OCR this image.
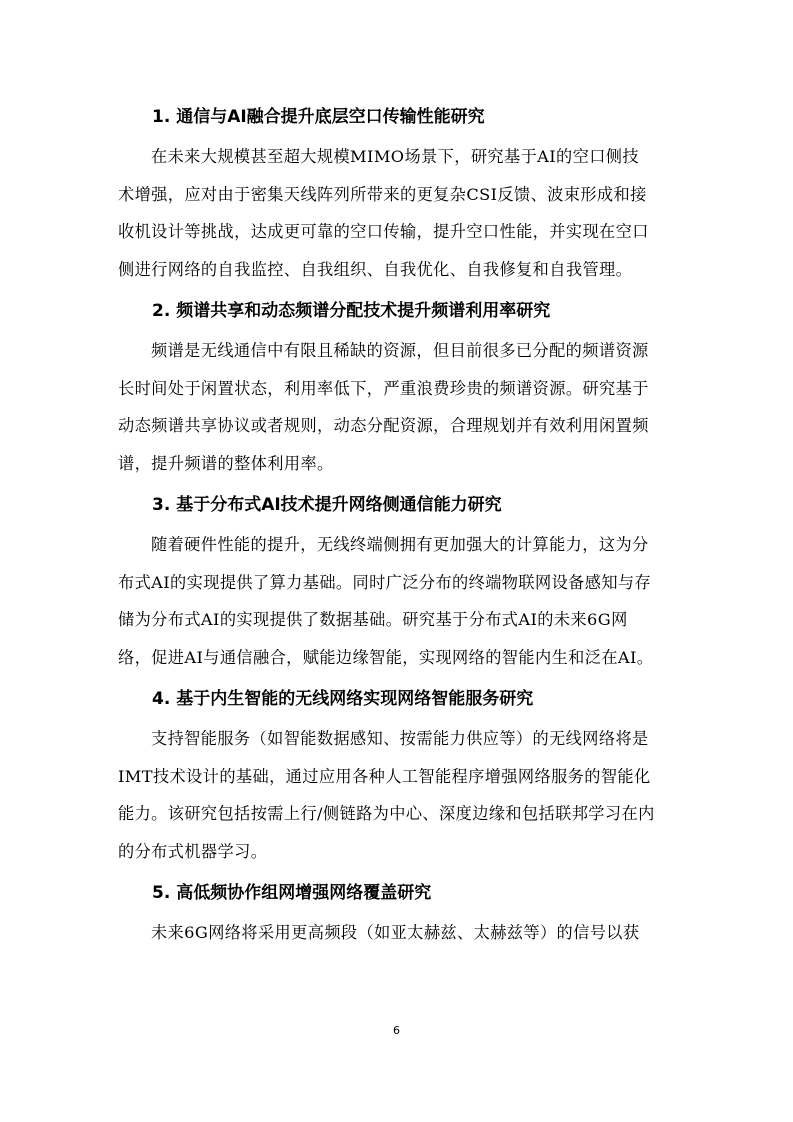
1. 通信与AI融合提升底层空口传输性能研究

在未来大规模甚至超大规模MIMO场景下，研究基于AI的空口侧技
术增强，应对由于密集天线阵列所带来的更复杂CSI反馈、波束形成和接
收机设计等挑战，达成更可靠的空口传输，提升空口性能，并实现在空口
侧进行网络的自我监控、自我组织、自我优化、自我修复和自我管理。

2. 频谱共享和动态频谱分配技术提升频谱利用率研究

频谱是无线通信中有限且稀缺的资源，但目前很多已分配的频谱资源
长时间处于闲置状态，利用率低下，严重浪费珍贵的频谱资源。研究基于
动态频谱共享协议或者规则，动态分配资源，合理规划并有效利用闲置频
谱，提升频谱的整体利用率。

3. 基于分布式AI技术提升网络侧通信能力研究

随着硬件性能的提升，无线终端侧拥有更加强大的计算能力，这为分
布式AI的实现提供了算力基础。同时广泛分布的终端物联网设备感知与存
储为分布式AI的实现提供了数据基础。研究基于分布式AI的未来6G网
络，促进AI与通信融合，赋能边缘智能，实现网络的智能内生和泛在AI。

4. 基于内生智能的无线网络实现网络智能服务研究

支持智能服务（如智能数据感知、按需能力供应等）的无线网络将是
IMT技术设计的基础，通过应用各种人工智能程序增强网络服务的智能化
能力。该研究包括按需上行/侧链路为中心、深度边缘和包括联邦学习在内
的分布式机器学习。

5. 高低频协作组网增强网络覆盖研究

未来6G网络将采用更高频段（如亚太赫兹、太赫兹等）的信号以获

6
